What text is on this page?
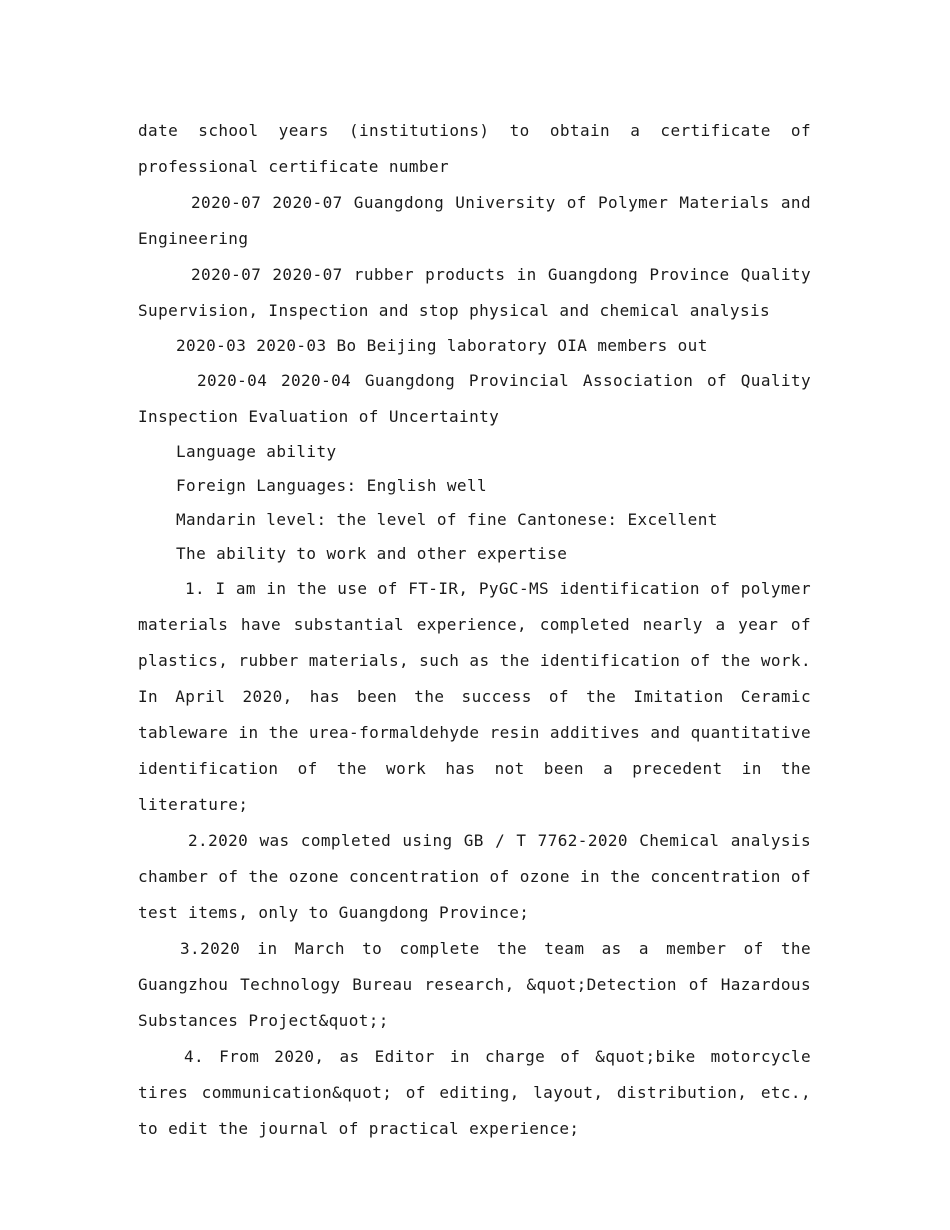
date school years (institutions) to obtain a certificate of professional certificate number

2020-07 2020-07 Guangdong University of Polymer Materials and Engineering

2020-07 2020-07 rubber products in Guangdong Province Quality Supervision, Inspection and stop physical and chemical analysis

2020-03 2020-03 Bo Beijing laboratory OIA members out

2020-04 2020-04 Guangdong Provincial Association of Quality Inspection Evaluation of Uncertainty

Language ability

Foreign Languages: English well

Mandarin level: the level of fine Cantonese: Excellent

The ability to work and other expertise

1. I am in the use of FT-IR, PyGC-MS identification of polymer materials have substantial experience, completed nearly a year of plastics, rubber materials, such as the identification of the work. In April 2020, has been the success of the Imitation Ceramic tableware in the urea-formaldehyde resin additives and quantitative identification of the work has not been a precedent in the literature;

2.2020 was completed using GB / T 7762-2020 Chemical analysis chamber of the ozone concentration of ozone in the concentration of test items, only to Guangdong Province;

3.2020 in March to complete the team as a member of the Guangzhou Technology Bureau research, &quot;Detection of Hazardous Substances Project&quot;;

4. From 2020, as Editor in charge of &quot;bike motorcycle tires communication&quot; of editing, layout, distribution, etc., to edit the journal of practical experience;
